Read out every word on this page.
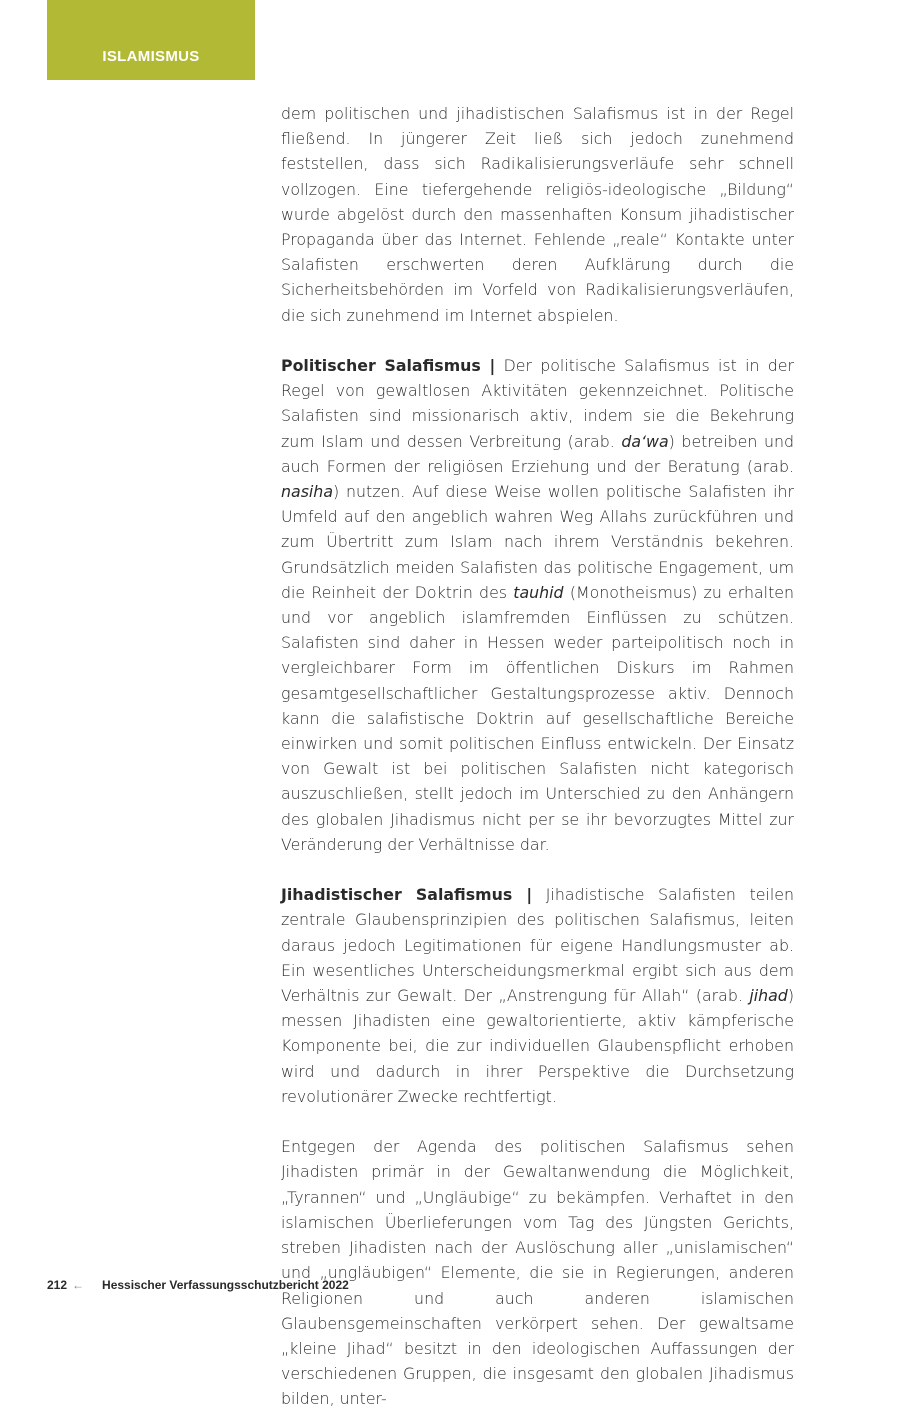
ISLAMISMUS

dem politischen und jihadistischen Salafismus ist in der Regel fließend. In jüngerer Zeit ließ sich jedoch zunehmend feststellen, dass sich Radikalisierungsverläufe sehr schnell vollzogen. Eine tiefergehende religiös-ideologische „Bildung“ wurde abgelöst durch den massenhaften Konsum jihadistischer Propaganda über das Internet. Fehlende „reale“ Kontakte unter Salafisten erschwerten deren Aufklärung durch die Sicherheitsbehörden im Vorfeld von Radikalisierungsverläufen, die sich zunehmend im Internet abspielen.

Politischer Salafismus | Der politische Salafismus ist in der Regel von gewaltlosen Aktivitäten gekennzeichnet. Politische Salafisten sind missionarisch aktiv, indem sie die Bekehrung zum Islam und dessen Verbreitung (arab. da‘wa) betreiben und auch Formen der religiösen Erziehung und der Beratung (arab. nasiha) nutzen. Auf diese Weise wollen politische Salafisten ihr Umfeld auf den angeblich wahren Weg Allahs zurückführen und zum Übertritt zum Islam nach ihrem Verständnis bekehren. Grundsätzlich meiden Salafisten das politische Engagement, um die Reinheit der Doktrin des tauhid (Monotheismus) zu erhalten und vor angeblich islamfremden Einflüssen zu schützen. Salafisten sind daher in Hessen weder parteipolitisch noch in vergleichbarer Form im öffentlichen Diskurs im Rahmen gesamtgesellschaftlicher Gestaltungsprozesse aktiv. Dennoch kann die salafistische Doktrin auf gesellschaftliche Bereiche einwirken und somit politischen Einfluss entwickeln. Der Einsatz von Gewalt ist bei politischen Salafisten nicht kategorisch auszuschließen, stellt jedoch im Unterschied zu den Anhängern des globalen Jihadismus nicht per se ihr bevorzugtes Mittel zur Veränderung der Verhältnisse dar.

Jihadistischer Salafismus | Jihadistische Salafisten teilen zentrale Glaubensprinzipien des politischen Salafismus, leiten daraus jedoch Legitimationen für eigene Handlungsmuster ab. Ein wesentliches Unterscheidungsmerkmal ergibt sich aus dem Verhältnis zur Gewalt. Der „Anstrengung für Allah“ (arab. jihad) messen Jihadisten eine gewaltorientierte, aktiv kämpferische Komponente bei, die zur individuellen Glaubenspflicht erhoben wird und dadurch in ihrer Perspektive die Durchsetzung revolutionärer Zwecke rechtfertigt.

Entgegen der Agenda des politischen Salafismus sehen Jihadisten primär in der Gewaltanwendung die Möglichkeit, „Tyrannen“ und „Ungläubige“ zu bekämpfen. Verhaftet in den islamischen Überlieferungen vom Tag des Jüngsten Gerichts, streben Jihadisten nach der Auslöschung aller „unislamischen“ und „ungläubigen“ Elemente, die sie in Regierungen, anderen Religionen und auch anderen islamischen Glaubensgemeinschaften verkörpert sehen. Der gewaltsame „kleine Jihad“ besitzt in den ideologischen Auffassungen der verschiedenen Gruppen, die insgesamt den globalen Jihadismus bilden, unter-

212 ← Hessischer Verfassungsschutzbericht 2022
